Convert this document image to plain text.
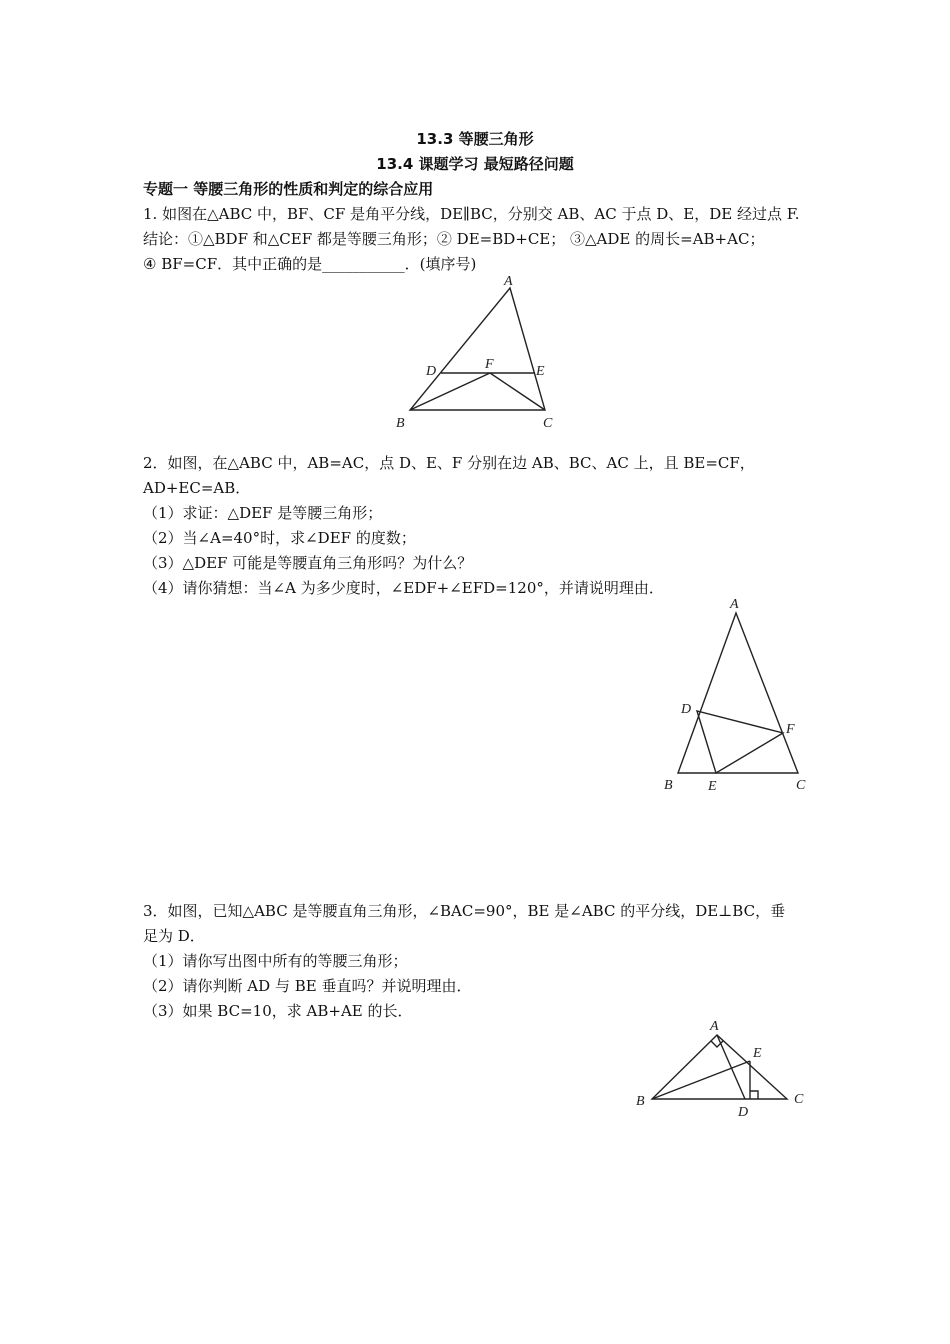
13.3 等腰三角形
13.4 课题学习 最短路径问题
专题一 等腰三角形的性质和判定的综合应用
1. 如图在△ABC 中，BF、CF 是角平分线，DE∥BC，分别交 AB、AC 于点 D、E，DE 经过点 F.
结论：①△BDF 和△CEF 都是等腰三角形；② DE=BD+CE； ③△ADE 的周长=AB+AC；
④ BF=CF．其中正确的是___________．(填序号)
A
B	C
D	E
F
2．如图，在△ABC 中，AB=AC，点 D、E、F 分别在边 AB、BC、AC 上，且 BE=CF，
AD+EC=AB．
（1）求证：△DEF 是等腰三角形；
（2）当∠A=40°时，求∠DEF 的度数；
（3）△DEF 可能是等腰直角三角形吗？为什么？
（4）请你猜想：当∠A 为多少度时，∠EDF+∠EFD=120°，并请说明理由．
A
B	C
D
E
F
3．如图，已知△ABC 是等腰直角三角形，∠BAC=90°，BE 是∠ABC 的平分线，DE⊥BC，垂
足为 D．
（1）请你写出图中所有的等腰三角形；
（2）请你判断 AD 与 BE 垂直吗？并说明理由．
（3）如果 BC=10，求 AB+AE 的长．
A
B	C
D
E
